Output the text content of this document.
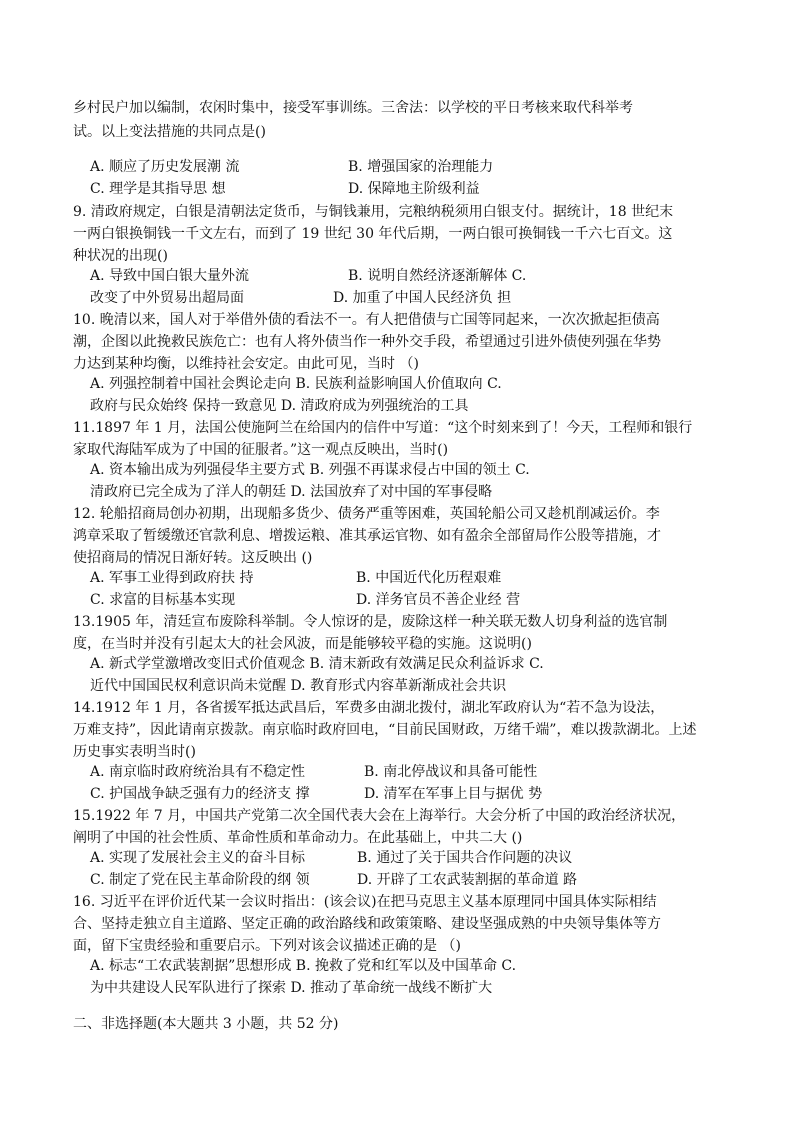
乡村民户加以编制，农闲时集中，接受军事训练。三舍法：以学校的平日考核来取代科举考
试。以上变法措施的共同点是()
A. 顺应了历史发展潮 流	B. 增强国家的治理能力
C. 理学是其指导思 想	D. 保障地主阶级利益
9. 清政府规定，白银是清朝法定货币，与铜钱兼用，完粮纳税须用白银支付。据统计，18 世纪末
一两白银换铜钱一千文左右，而到了 19 世纪 30 年代后期，一两白银可换铜钱一千六七百文。这
种状况的出现()
A. 导致中国白银大量外流	B. 说明自然经济逐渐解体 C.
改变了中外贸易出超局面	D. 加重了中国人民经济负 担
10. 晚清以来，国人对于举借外债的看法不一。有人把借债与亡国等同起来，一次次掀起拒债高
潮，企图以此挽救民族危亡：也有人将外债当作一种外交手段，希望通过引进外债使列强在华势
力达到某种均衡，以维持社会安定。由此可见，当时 （)
A. 列强控制着中国社会舆论走向 B. 民族利益影响国人价值取向 C.
政府与民众始终 保持一致意见 D. 清政府成为列强统治的工具
11.1897 年 1 月，法国公使施阿兰在给国内的信件中写道：“这个时刻来到了！今天，工程师和银行
家取代海陆军成为了中国的征服者。”这一观点反映出，当时()
A. 资本输出成为列强侵华主要方式 B. 列强不再谋求侵占中国的领土 C.
清政府已完全成为了洋人的朝廷 D. 法国放弃了对中国的军事侵略
12. 轮船招商局创办初期，出现船多货少、债务严重等困难，英国轮船公司又趁机削减运价。李
鸿章采取了暂缓缴还官款利息、增拨运粮、准其承运官物、如有盈余全部留局作公股等措施，才
使招商局的情况日渐好转。这反映出 ()
A. 军事工业得到政府扶 持	B. 中国近代化历程艰难
C. 求富的目标基本实现	D. 洋务官员不善企业经 营
13.1905 年，清廷宣布废除科举制。令人惊讶的是，废除这样一种关联无数人切身利益的选官制
度，在当时并没有引起太大的社会风波，而是能够较平稳的实施。这说明()
A. 新式学堂激增改变旧式价值观念 B. 清末新政有效满足民众利益诉求 C.
近代中国国民权利意识尚未觉醒 D. 教育形式内容革新渐成社会共识
14.1912 年 1 月，各省援军抵达武昌后，军费多由湖北拨付，湖北军政府认为“若不急为设法，
万难支持”，因此请南京拨款。南京临时政府回电，“目前民国财政，万绪千端”，难以拨款湖北。上述
历史事实表明当时()
A. 南京临时政府统治具有不稳定性	B. 南北停战议和具备可能性
C. 护国战争缺乏强有力的经济支 撑	D. 清军在军事上目与据优 势
15.1922 年 7 月，中国共产党第二次全国代表大会在上海举行。大会分析了中国的政治经济状况，
阐明了中国的社会性质、革命性质和革命动力。在此基础上，中共二大 ()
A. 实现了发展社会主义的奋斗目标	B. 通过了关于国共合作问题的决议
C. 制定了党在民主革命阶段的纲 领	D. 开辟了工农武装割据的革命道 路
16. 习近平在评价近代某一会议时指出：(该会议)在把马克思主义基本原理同中国具体实际相结
合、坚持走独立自主道路、坚定正确的政治路线和政策策略、建设坚强成熟的中央领导集体等方
面，留下宝贵经验和重要启示。下列对该会议描述正确的是 （)
A. 标志“工农武装割据”思想形成 B. 挽救了党和红军以及中国革命 C.
为中共建设人民军队进行了探索 D. 推动了革命统一战线不断扩大
二、非选择题(本大题共 3 小题，共 52 分)
